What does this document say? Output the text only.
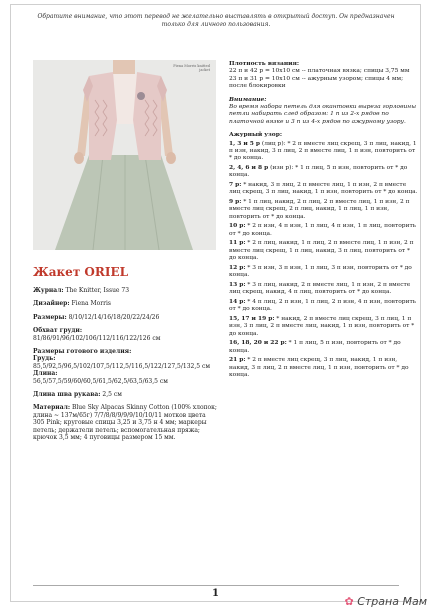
Обратите внимание, что этот перевод не желательно выставлять в открытый доступ. Он предназначен только для личного пользования.
Fiena Morris knitted jacket
Жакет ORIEL

Журнал: The Knitter, Issue 73

Дизайнер: Fiena Morris

Размеры: 8/10/12/14/16/18/20/22/24/26

Обхват груди:
81/86/91/96/102/106/112/116/122/126 см

Размеры готового изделия:
Грудь:
85,5/92,5/96,5/102/107,5/112,5/116,5/122/127,5/132,5 см
Длина:
56,5/57,5/59/60/60,5/61,5/62,5/63,5/63,5 см

Длина шва рукава: 2,5 см

Материал: Blue Sky Alpacas Skinny Cotton (100% хлопок; длина ~ 137м/65г) 7/7/8/8/9/9/9/10/10/11 мотков цвета 305 Pink; круговые спицы 3,25 и 3,75 н 4 мм; маркеры петель; держатели петель; вспомогательная пряжа; крючок 3,5 мм; 4 пуговицы размером 15 мм.

Плотность вязания:

22 п и 42 р = 10х10 см -- платочная вязка; спицы 3,75 мм
23 п и 31 р = 10х10 см -- ажурным узором; спицы 4 мм; после блокировки

Внимание:

Во время набора петель для окантовки выреза горловины петли набирать след образом: 1 п из 2-х рядов по платочной вязке и 3 п из 4-х рядов по ажурному узору.

Ажурный узор:

1, 3 и 5 р (лиц р): * 2 п вместе лиц скрещ, 3 п лиц, накид, 1 п изн, накид, 3 п лиц, 2 п вместе лиц, 1 п изн, повторить от * до конца.

2, 4, 6 и 8 р (изн р): * 1 п лиц, 5 п изн, повторить от * до конца.

7 р: * накид, 3 п лиц, 2 п вместе лиц, 1 п изн, 2 п вместе лиц скрещ, 3 п лиц, накид, 1 п изн, повторить от * до конца.

9 р: * 1 п лиц, накид, 2 п лиц, 2 п вместе лиц, 1 п изн, 2 п вместе лиц скрещ, 2 п лиц, накид, 1 п лиц, 1 п изн, повторить от * до конца.

10 р: * 2 п изн, 4 п изн, 1 п лиц, 4 п изн, 1 п лиц, повторить от * до конца.

11 р: * 2 п лиц, накид, 1 п лиц, 2 п вместе лиц, 1 п изн, 2 п вместе лиц скрещ, 1 п лиц, накид, 3 п лиц, повторить от * до конца.

12 р: * 3 п изн, 3 п изн, 1 п лиц, 3 п изн, повторить от * до конца.

13 р: * 3 п лиц, накид, 2 п вместе лиц, 1 п изн, 2 п вместе лиц скрещ, накид, 4 п лиц, повторить от * до конца.

14 р: * 4 п лиц, 2 п изн, 1 п лиц, 2 п изн, 4 п изн, повторить от * до конца.

15, 17 и 19 р: * накид, 2 п вместе лиц скрещ, 3 п лиц, 1 п изн, 3 п лиц, 2 п вместе лиц, накид, 1 п изн, повторить от * до конца.

16, 18, 20 и 22 р: * 1 п лиц, 5 п изн, повторить от * до конца.

21 р: * 2 п вместе лиц скрещ, 3 п лиц, накид, 1 п изн, накид, 3 п лиц, 2 п вместе лиц, 1 п изн, повторить от * до конца.

1
✿ Страна Мам
